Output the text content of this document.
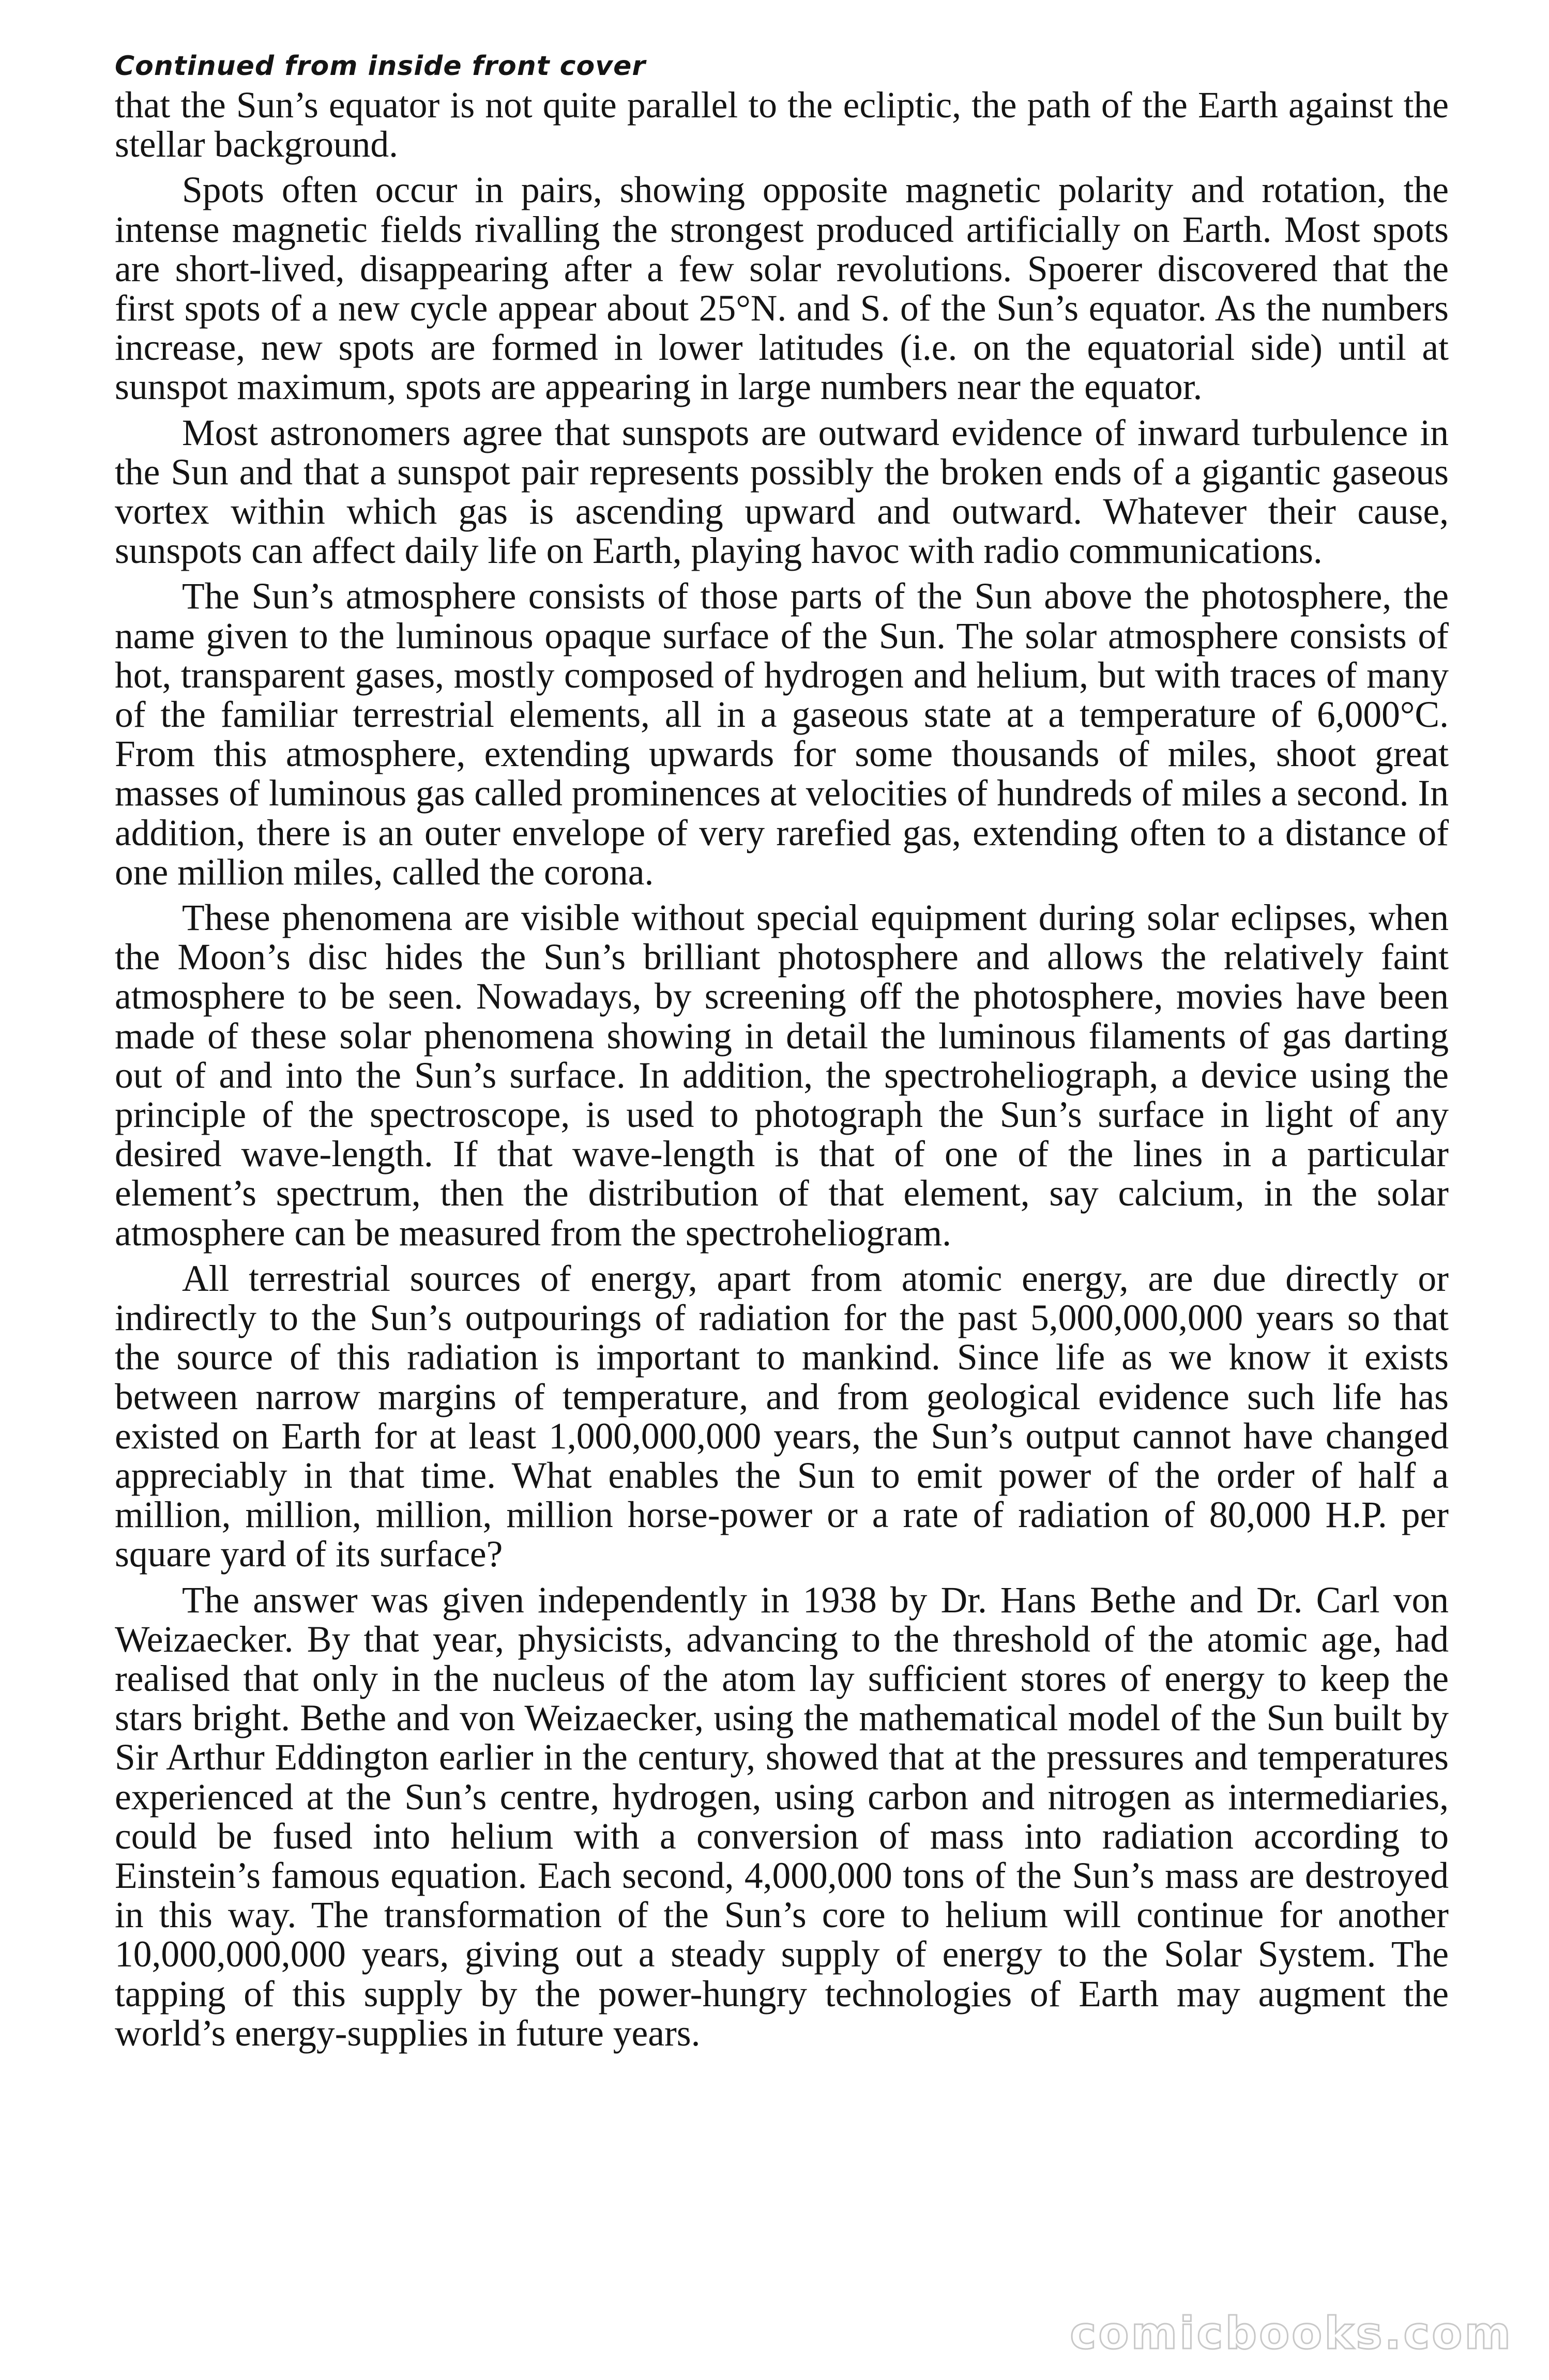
Continued from inside front cover

that the Sun’s equator is not quite parallel to the ecliptic, the path of the Earth against the stellar background.

Spots often occur in pairs, showing opposite magnetic polarity and rotation, the intense magnetic fields rivalling the strongest produced artificially on Earth. Most spots are short-lived, disappearing after a few solar revolutions. Spoerer discovered that the first spots of a new cycle appear about 25°N. and S. of the Sun’s equator. As the numbers increase, new spots are formed in lower latitudes (i.e. on the equatorial side) until at sunspot maximum, spots are appearing in large numbers near the equator.

Most astronomers agree that sunspots are outward evidence of inward turbulence in the Sun and that a sunspot pair represents possibly the broken ends of a gigantic gaseous vortex within which gas is ascending upward and outward. Whatever their cause, sunspots can affect daily life on Earth, playing havoc with radio communications.

The Sun’s atmosphere consists of those parts of the Sun above the photosphere, the name given to the luminous opaque surface of the Sun. The solar atmosphere consists of hot, transparent gases, mostly composed of hydrogen and helium, but with traces of many of the familiar terrestrial elements, all in a gaseous state at a temperature of 6,000°C. From this atmosphere, extending upwards for some thousands of miles, shoot great masses of luminous gas called prominences at velocities of hundreds of miles a second. In addition, there is an outer envelope of very rarefied gas, extending often to a distance of one million miles, called the corona.

These phenomena are visible without special equipment during solar eclipses, when the Moon’s disc hides the Sun’s brilliant photosphere and allows the relatively faint atmosphere to be seen. Nowadays, by screening off the photosphere, movies have been made of these solar phenomena showing in detail the luminous filaments of gas darting out of and into the Sun’s surface. In addition, the spectroheliograph, a device using the principle of the spectroscope, is used to photograph the Sun’s surface in light of any desired wave-length. If that wave-length is that of one of the lines in a particular element’s spectrum, then the distribution of that element, say calcium, in the solar atmosphere can be measured from the spectroheliogram.

All terrestrial sources of energy, apart from atomic energy, are due directly or indirectly to the Sun’s outpourings of radiation for the past 5,000,000,000 years so that the source of this radiation is important to mankind. Since life as we know it exists between narrow margins of temperature, and from geological evidence such life has existed on Earth for at least 1,000,000,000 years, the Sun’s output cannot have changed appreciably in that time. What enables the Sun to emit power of the order of half a million, million, million, million horse-power or a rate of radiation of 80,000 H.P. per square yard of its surface?

The answer was given independently in 1938 by Dr. Hans Bethe and Dr. Carl von Weizaecker. By that year, physicists, advancing to the threshold of the atomic age, had realised that only in the nucleus of the atom lay sufficient stores of energy to keep the stars bright. Bethe and von Weizaecker, using the mathematical model of the Sun built by Sir Arthur Eddington earlier in the century, showed that at the pressures and temperatures experienced at the Sun’s centre, hydrogen, using carbon and nitrogen as intermediaries, could be fused into helium with a conversion of mass into radiation according to Einstein’s famous equation. Each second, 4,000,000 tons of the Sun’s mass are destroyed in this way. The transformation of the Sun’s core to helium will continue for another 10,000,000,000 years, giving out a steady supply of energy to the Solar System. The tapping of this supply by the power-hungry technologies of Earth may augment the world’s energy-supplies in future years.

comicbooks.com
